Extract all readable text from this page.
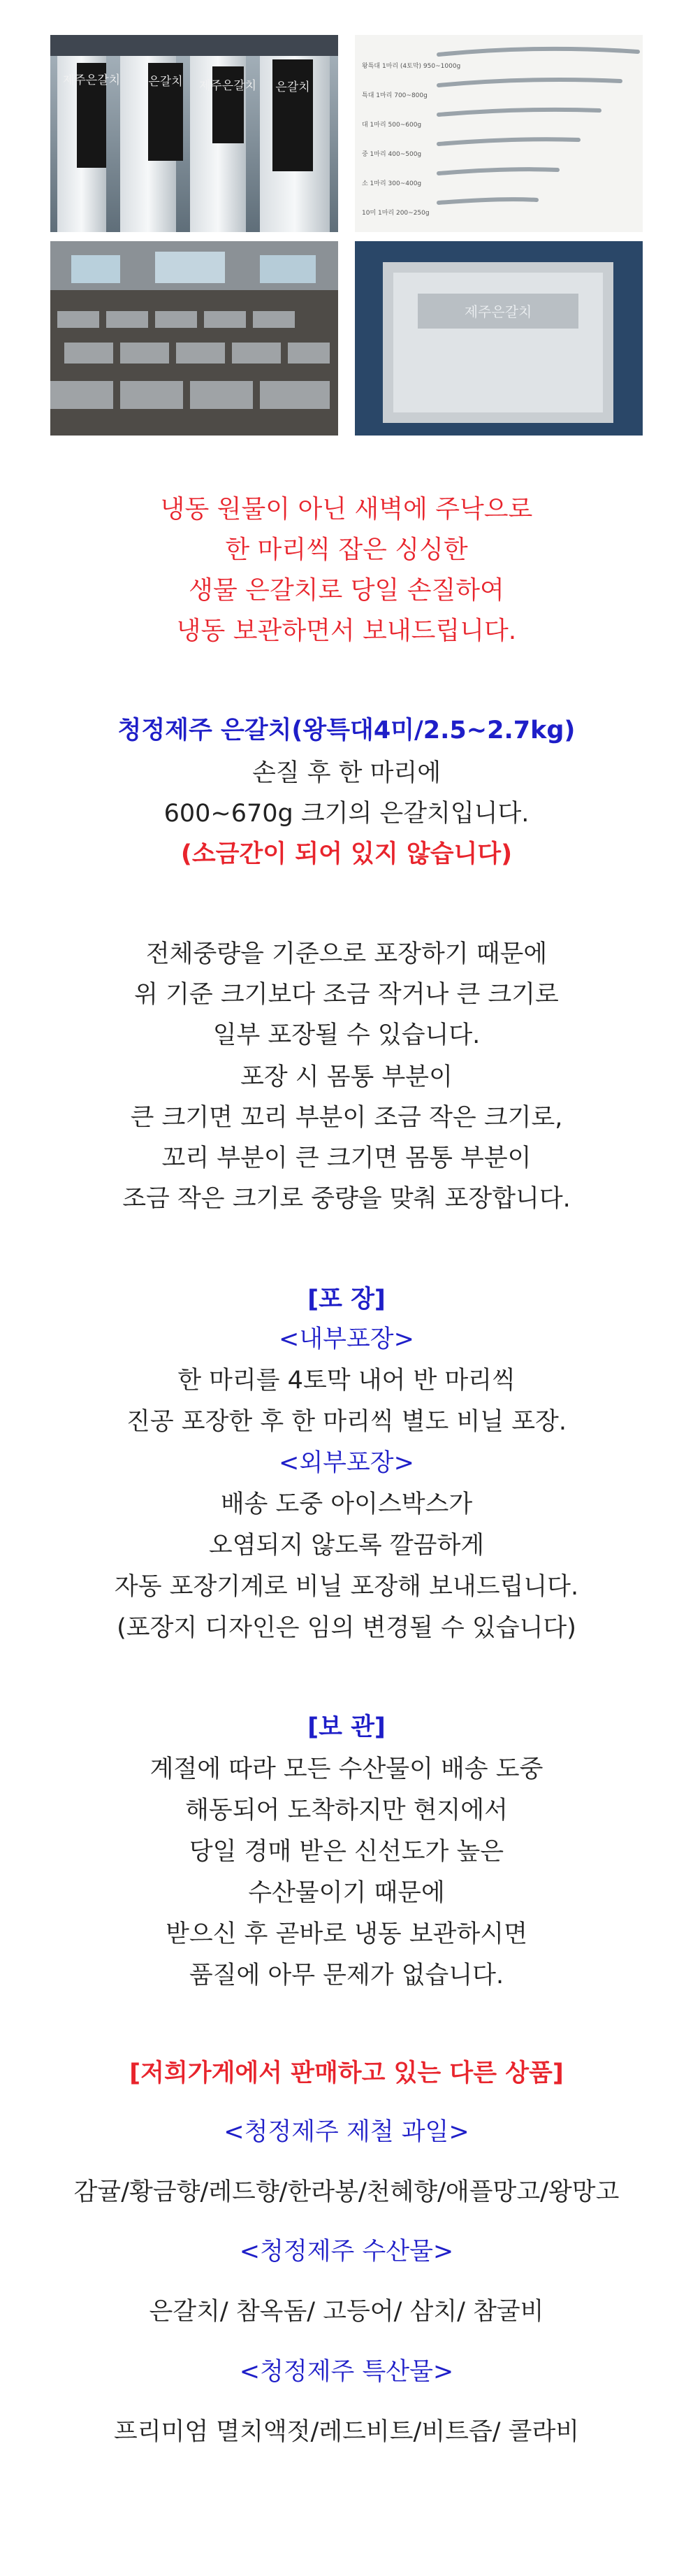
제주은갈치 은갈치 제주은갈치 은갈치
왕특대 1마리 (4토막) 950~1000g
특대 1마리 700~800g
대 1마리 500~600g
중 1마리 400~500g
소 1마리 300~400g
10미 1마리 200~250g
제주은갈치
냉동 원물이 아닌 새벽에 주낙으로
한 마리씩 잡은 싱싱한
생물 은갈치로 당일 손질하여
냉동 보관하면서 보내드립니다.
청정제주 은갈치(왕특대4미/2.5~2.7kg)
손질 후 한 마리에
600~670g 크기의 은갈치입니다.
(소금간이 되어 있지 않습니다)
전체중량을 기준으로 포장하기 때문에
위 기준 크기보다 조금 작거나 큰 크기로
일부 포장될 수 있습니다.
포장 시 몸통 부분이
큰 크기면 꼬리 부분이 조금 작은 크기로,
꼬리 부분이 큰 크기면 몸통 부분이
조금 작은 크기로 중량을 맞춰 포장합니다.
[포 장]
<내부포장>
한 마리를 4토막 내어 반 마리씩
진공 포장한 후 한 마리씩 별도 비닐 포장.
<외부포장>
배송 도중 아이스박스가
오염되지 않도록 깔끔하게
자동 포장기계로 비닐 포장해 보내드립니다.
(포장지 디자인은 임의 변경될 수 있습니다)
[보 관]
계절에 따라 모든 수산물이 배송 도중
해동되어 도착하지만 현지에서
당일 경매 받은 신선도가 높은
수산물이기 때문에
받으신 후 곧바로 냉동 보관하시면
품질에 아무 문제가 없습니다.
[저희가게에서 판매하고 있는 다른 상품]
<청정제주 제철 과일>
감귤/황금향/레드향/한라봉/천혜향/애플망고/왕망고
<청정제주 수산물>
은갈치/ 참옥돔/ 고등어/ 삼치/ 참굴비
<청정제주 특산물>
프리미엄 멸치액젓/레드비트/비트즙/ 콜라비
